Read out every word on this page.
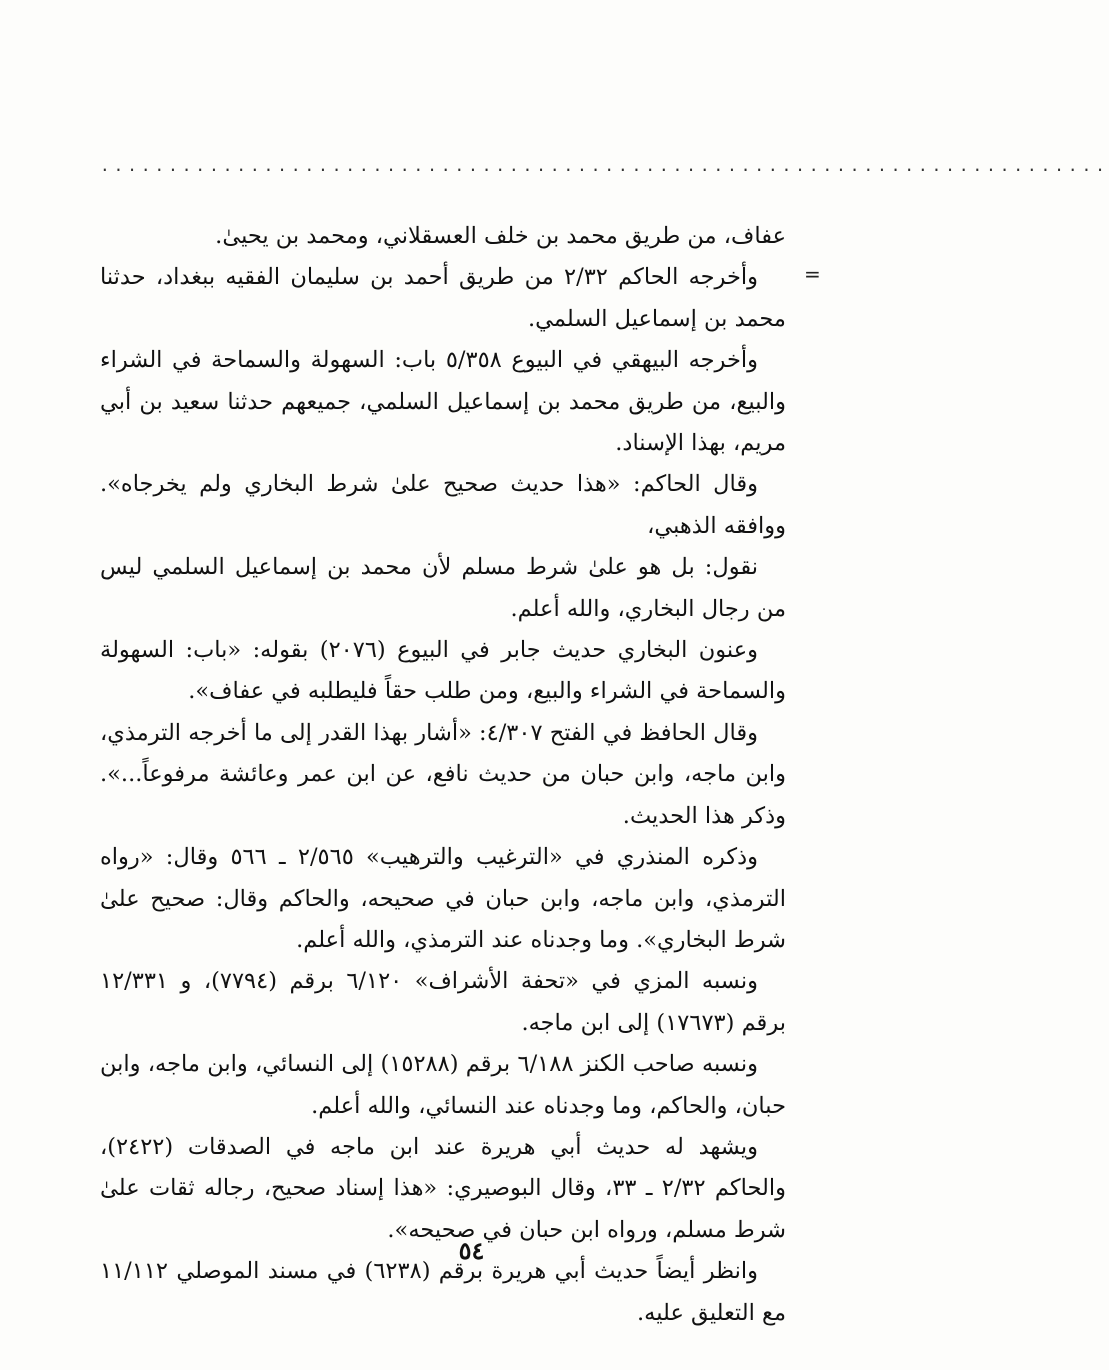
..........................................................................
=

عفاف، من طريق محمد بن خلف العسقلاني، ومحمد بن يحيىٰ.

وأخرجه الحاكم ٢/٣٢ من طريق أحمد بن سليمان الفقيه ببغداد، حدثنا محمد بن إسماعيل السلمي.

وأخرجه البيهقي في البيوع ٥/٣٥٨ باب: السهولة والسماحة في الشراء والبيع، من طريق محمد بن إسماعيل السلمي، جميعهم حدثنا سعيد بن أبي مريم، بهذا الإسناد.

وقال الحاكم: «هذا حديث صحيح علىٰ شرط البخاري ولم يخرجاه». ووافقه الذهبي،

نقول: بل هو علىٰ شرط مسلم لأن محمد بن إسماعيل السلمي ليس من رجال البخاري، والله أعلم.

وعنون البخاري حديث جابر في البيوع (٢٠٧٦) بقوله: «باب: السهولة والسماحة في الشراء والبيع، ومن طلب حقاً فليطلبه في عفاف».

وقال الحافظ في الفتح ٤/٣٠٧: «أشار بهذا القدر إلى ما أخرجه الترمذي، وابن ماجه، وابن حبان من حديث نافع، عن ابن عمر وعائشة مرفوعاً...». وذكر هذا الحديث.

وذكره المنذري في «الترغيب والترهيب» ٢/٥٦٥ ـ ٥٦٦ وقال: «رواه الترمذي، وابن ماجه، وابن حبان في صحيحه، والحاكم وقال: صحيح علىٰ شرط البخاري». وما وجدناه عند الترمذي، والله أعلم.

ونسبه المزي في «تحفة الأشراف» ٦/١٢٠ برقم (٧٧٩٤)، و ١٢/٣٣١ برقم (١٧٦٧٣) إلى ابن ماجه.

ونسبه صاحب الكنز ٦/١٨٨ برقم (١٥٢٨٨) إلى النسائي، وابن ماجه، وابن حبان، والحاكم، وما وجدناه عند النسائي، والله أعلم.

ويشهد له حديث أبي هريرة عند ابن ماجه في الصدقات (٢٤٢٢)، والحاكم ٢/٣٢ ـ ٣٣، وقال البوصيري: «هذا إسناد صحيح، رجاله ثقات علىٰ شرط مسلم، ورواه ابن حبان في صحيحه».

وانظر أيضاً حديث أبي هريرة برقم (٦٢٣٨) في مسند الموصلي ١١/١١٢ مع التعليق عليه.

٥٤
